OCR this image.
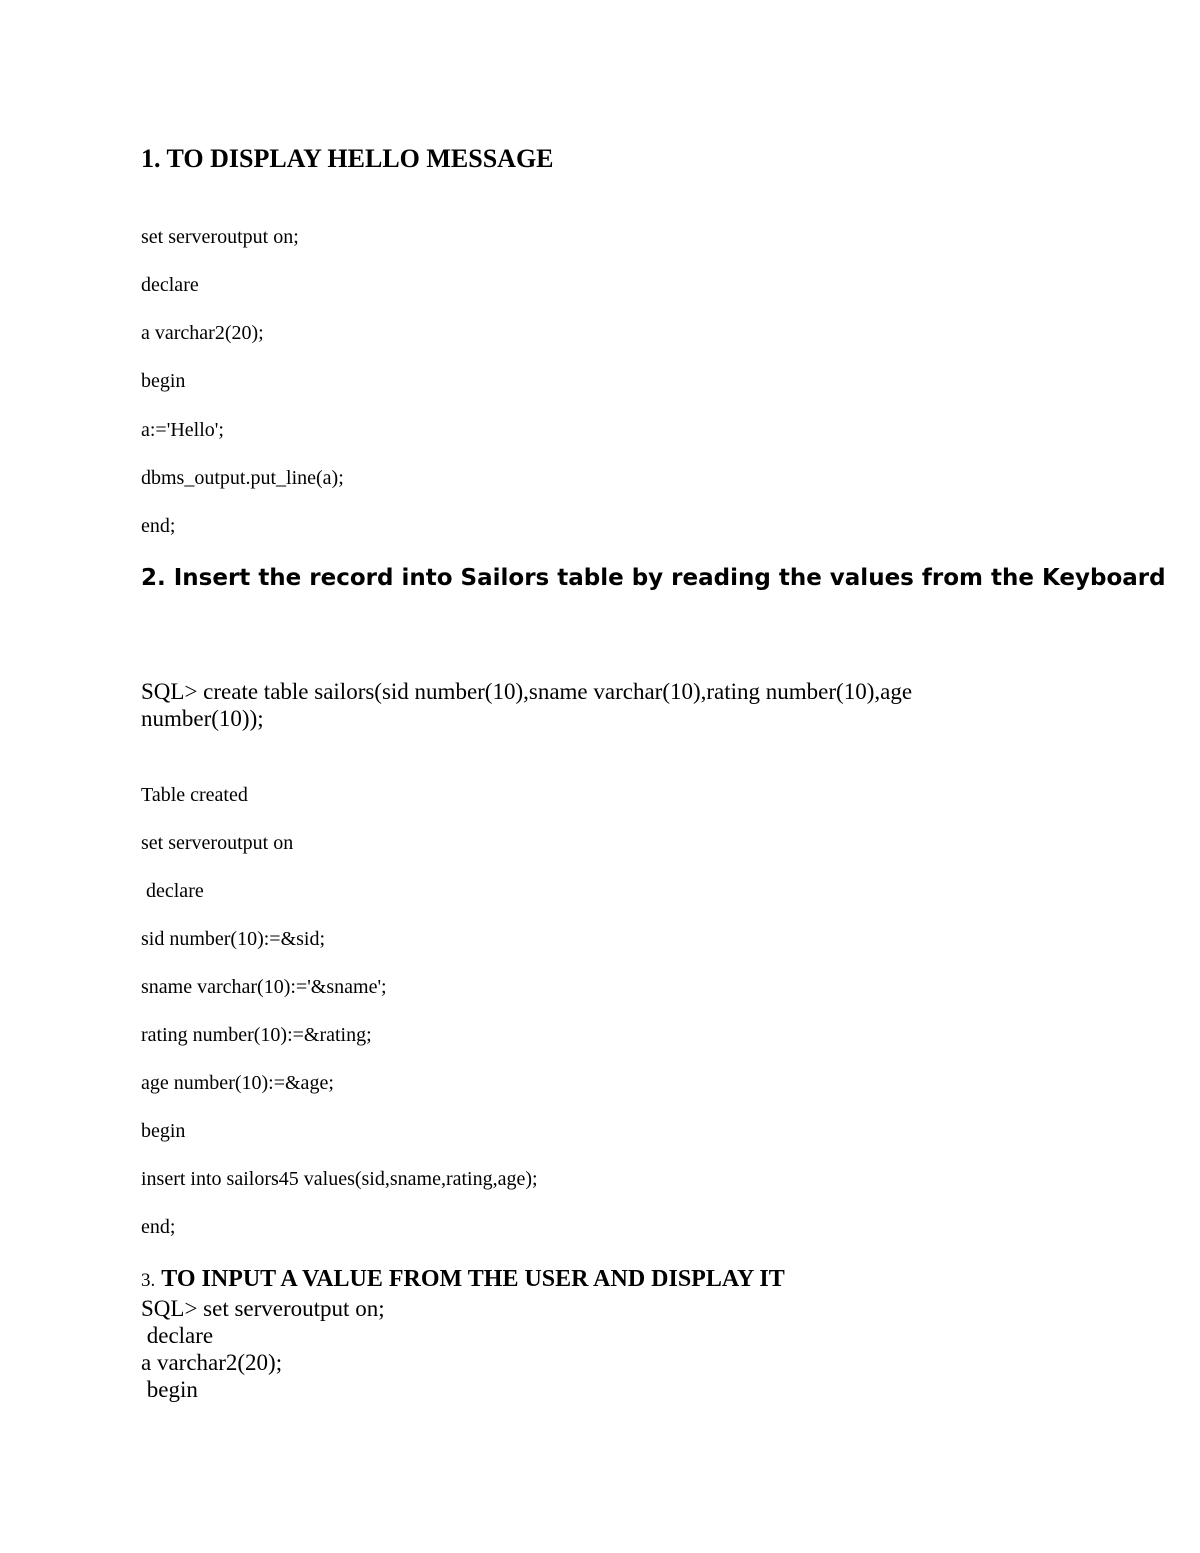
1. TO DISPLAY HELLO MESSAGE
set serveroutput on;
declare
a varchar2(20);
begin
a:='Hello';
dbms_output.put_line(a);
end;
2. Insert the record into Sailors table by reading the values from the Keyboard
SQL> create table sailors(sid number(10),sname varchar(10),rating number(10),age
number(10));
Table created
set serveroutput on
declare
sid number(10):=&sid;
sname varchar(10):='&sname';
rating number(10):=&rating;
age number(10):=&age;
begin
insert into sailors45 values(sid,sname,rating,age);
end;
3. TO INPUT A VALUE FROM THE USER AND DISPLAY IT
SQL> set serveroutput on;
declare
a varchar2(20);
begin
